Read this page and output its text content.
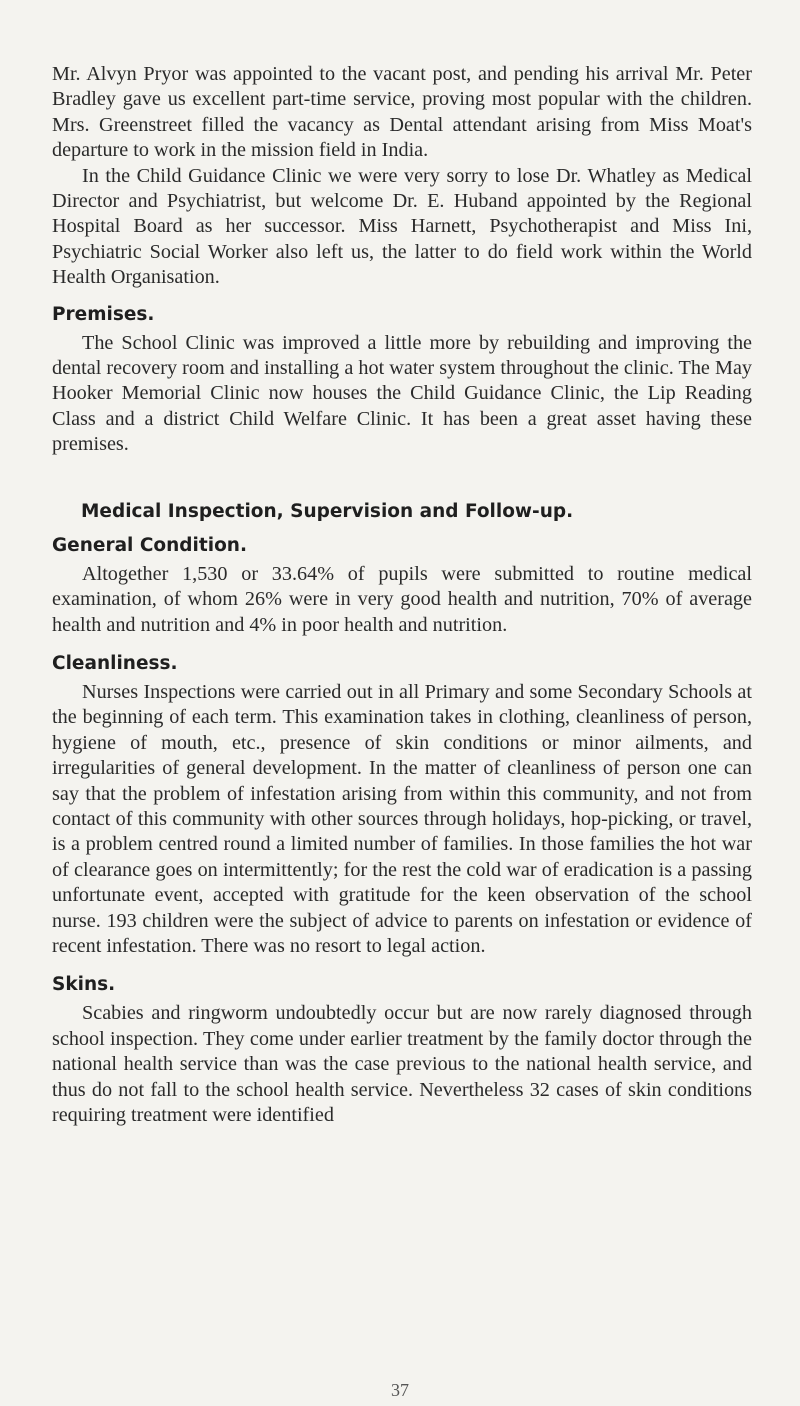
Mr. Alvyn Pryor was appointed to the vacant post, and pending his arrival Mr. Peter Bradley gave us excellent part-time service, proving most popular with the children. Mrs. Greenstreet filled the vacancy as Dental attendant arising from Miss Moat's departure to work in the mission field in India.

In the Child Guidance Clinic we were very sorry to lose Dr. Whatley as Medical Director and Psychiatrist, but welcome Dr. E. Huband appointed by the Regional Hospital Board as her successor. Miss Harnett, Psychotherapist and Miss Ini, Psychiatric Social Worker also left us, the latter to do field work within the World Health Organisation.

Premises.

The School Clinic was improved a little more by rebuilding and improving the dental recovery room and installing a hot water system throughout the clinic. The May Hooker Memorial Clinic now houses the Child Guidance Clinic, the Lip Reading Class and a district Child Welfare Clinic. It has been a great asset having these premises.

Medical Inspection, Supervision and Follow-up.
General Condition.

Altogether 1,530 or 33.64% of pupils were submitted to routine medical examination, of whom 26% were in very good health and nutrition, 70% of average health and nutrition and 4% in poor health and nutrition.

Cleanliness.

Nurses Inspections were carried out in all Primary and some Secondary Schools at the beginning of each term. This examination takes in clothing, cleanliness of person, hygiene of mouth, etc., presence of skin conditions or minor ailments, and irregularities of general development. In the matter of cleanliness of person one can say that the problem of infestation arising from within this community, and not from contact of this community with other sources through holidays, hop-picking, or travel, is a problem centred round a limited number of families. In those families the hot war of clearance goes on intermittently; for the rest the cold war of eradication is a passing unfortunate event, accepted with gratitude for the keen observation of the school nurse. 193 children were the subject of advice to parents on infestation or evidence of recent infestation. There was no resort to legal action.

Skins.

Scabies and ringworm undoubtedly occur but are now rarely diagnosed through school inspection. They come under earlier treatment by the family doctor through the national health service than was the case previous to the national health service, and thus do not fall to the school health service. Nevertheless 32 cases of skin conditions requiring treatment were identified

37
